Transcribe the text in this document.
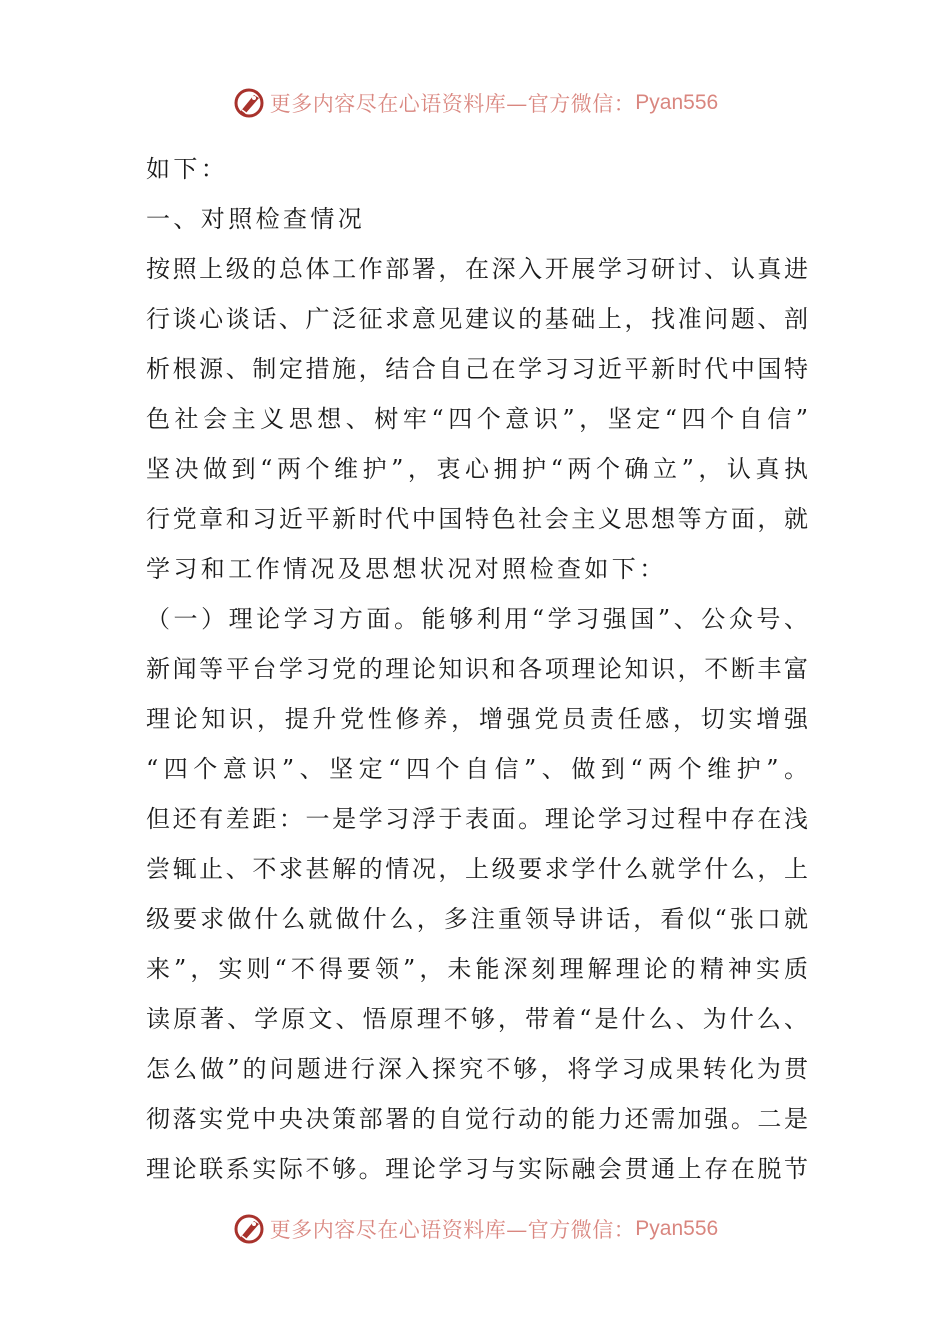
更多内容尽在心语资料库—官方微信： Pyan556
如下：
一、对照检查情况
按照上级的总体工作部署，在深入开展学习研讨、认真进
行谈心谈话、广泛征求意见建议的基础上，找准问题、剖
析根源、制定措施，结合自己在学习习近平新时代中国特
色社会主义思想、树牢“四个意识”，坚定“四个自信”
坚决做到“两个维护”，衷心拥护“两个确立”，认真执
行党章和习近平新时代中国特色社会主义思想等方面，就
学习和工作情况及思想状况对照检查如下：
（一）理论学习方面。能够利用“学习强国”、公众号、
新闻等平台学习党的理论知识和各项理论知识，不断丰富
理论知识，提升党性修养，增强党员责任感，切实增强
“四个意识”、坚定“四个自信”、做到“两个维护”。
但还有差距：一是学习浮于表面。理论学习过程中存在浅
尝辄止、不求甚解的情况，上级要求学什么就学什么，上
级要求做什么就做什么，多注重领导讲话，看似“张口就
来”，实则“不得要领”，未能深刻理解理论的精神实质
读原著、学原文、悟原理不够，带着“是什么、为什么、
怎么做”的问题进行深入探究不够，将学习成果转化为贯
彻落实党中央决策部署的自觉行动的能力还需加强。二是
理论联系实际不够。理论学习与实际融会贯通上存在脱节
更多内容尽在心语资料库—官方微信： Pyan556
